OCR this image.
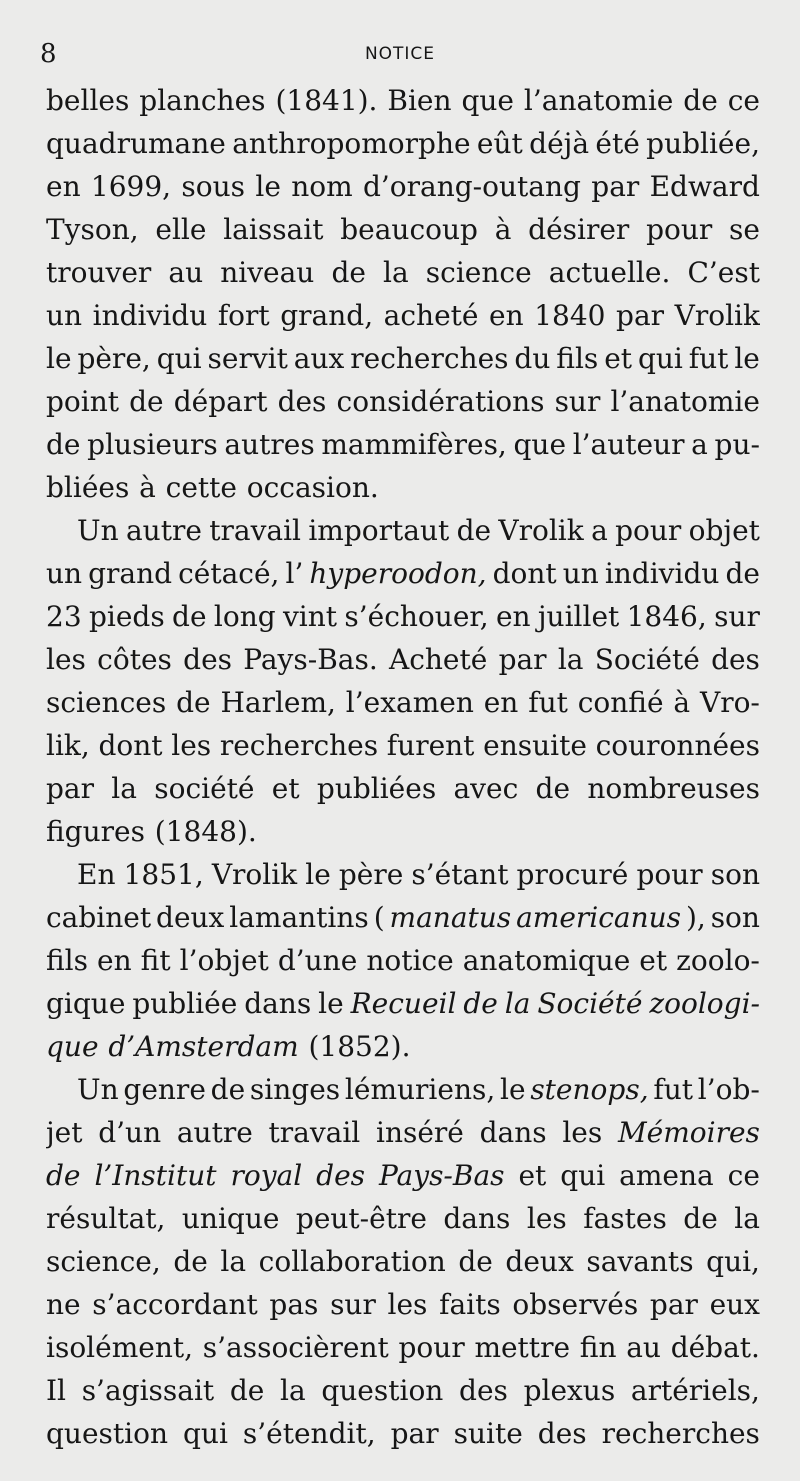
8	NOTICE
belles planches (1841). Bien que l’anatomie de ce
quadrumane anthropomorphe eût déjà été publiée,
en 1699, sous le nom d’orang-outang par Edward
Tyson, elle laissait beaucoup à désirer pour se
trouver au niveau de la science actuelle. C’est
un individu fort grand, acheté en 1840 par Vrolik
le père, qui servit aux recherches du fils et qui fut le
point de départ des considérations sur l’anatomie
de plusieurs autres mammifères, que l’auteur a pu-
bliées à cette occasion.
Un autre travail importaut de Vrolik a pour objet
un grand cétacé, l’ hyperoodon, dont un individu de
23 pieds de long vint s’échouer, en juillet 1846, sur
les côtes des Pays-Bas. Acheté par la Société des
sciences de Harlem, l’examen en fut confié à Vro-
lik, dont les recherches furent ensuite couronnées
par la société et publiées avec de nombreuses
figures (1848).
En 1851, Vrolik le père s’étant procuré pour son
cabinet deux lamantins ( manatus americanus ), son
fils en fit l’objet d’une notice anatomique et zoolo-
gique publiée dans le Recueil de la Société zoologi-
que d’Amsterdam (1852).
Un genre de singes lémuriens, le stenops, fut l’ob-
jet d’un autre travail inséré dans les Mémoires
de l’Institut royal des Pays-Bas et qui amena ce
résultat, unique peut-être dans les fastes de la
science, de la collaboration de deux savants qui,
ne s’accordant pas sur les faits observés par eux
isolément, s’associèrent pour mettre fin au débat.
Il s’agissait de la question des plexus artériels,
question qui s’étendit, par suite des recherches
